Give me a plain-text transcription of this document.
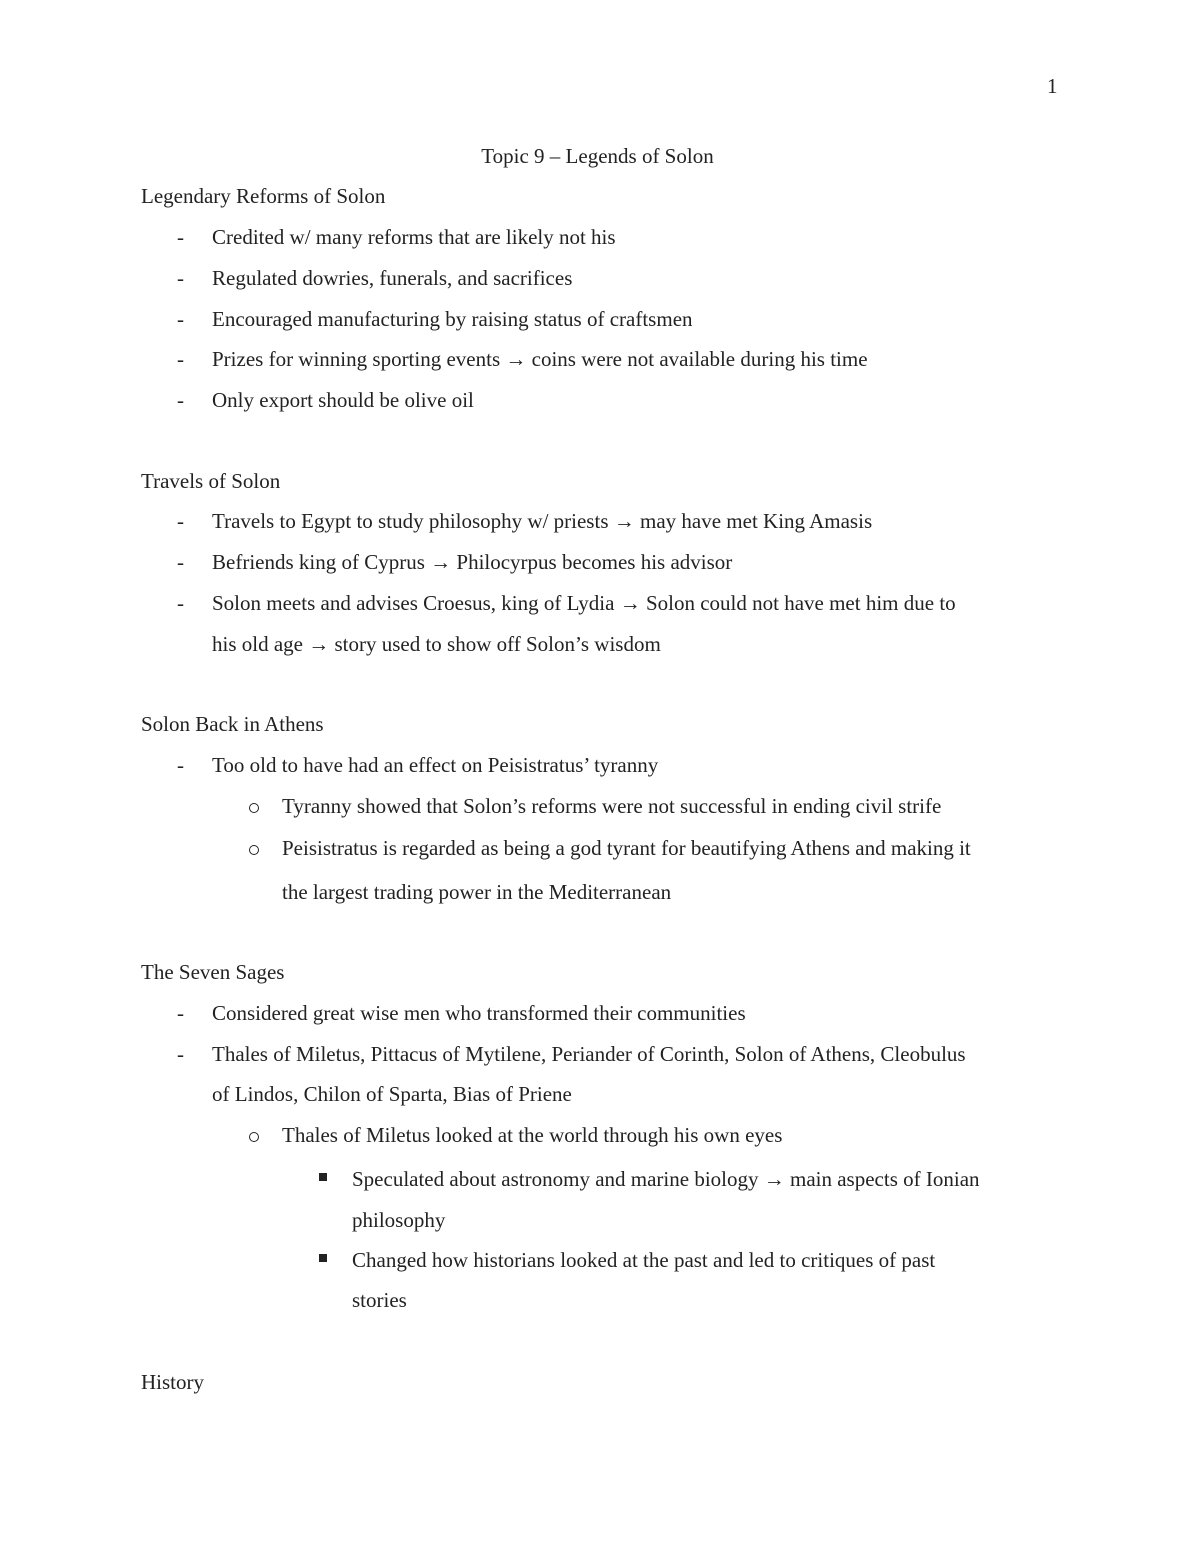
1
Topic 9 – Legends of Solon
Legendary Reforms of Solon
- Credited w/ many reforms that are likely not his
- Regulated dowries, funerals, and sacrifices
- Encouraged manufacturing by raising status of craftsmen
- Prizes for winning sporting events → coins were not available during his time
- Only export should be olive oil
Travels of Solon
- Travels to Egypt to study philosophy w/ priests → may have met King Amasis
- Befriends king of Cyprus → Philocyrpus becomes his advisor
- Solon meets and advises Croesus, king of Lydia → Solon could not have met him due to
his old age → story used to show off Solon’s wisdom
Solon Back in Athens
- Too old to have had an effect on Peisistratus’ tyranny
Tyranny showed that Solon’s reforms were not successful in ending civil strife
Peisistratus is regarded as being a god tyrant for beautifying Athens and making it
the largest trading power in the Mediterranean
The Seven Sages
- Considered great wise men who transformed their communities
- Thales of Miletus, Pittacus of Mytilene, Periander of Corinth, Solon of Athens, Cleobulus
of Lindos, Chilon of Sparta, Bias of Priene
Thales of Miletus looked at the world through his own eyes
Speculated about astronomy and marine biology → main aspects of Ionian
philosophy
Changed how historians looked at the past and led to critiques of past
stories
History
